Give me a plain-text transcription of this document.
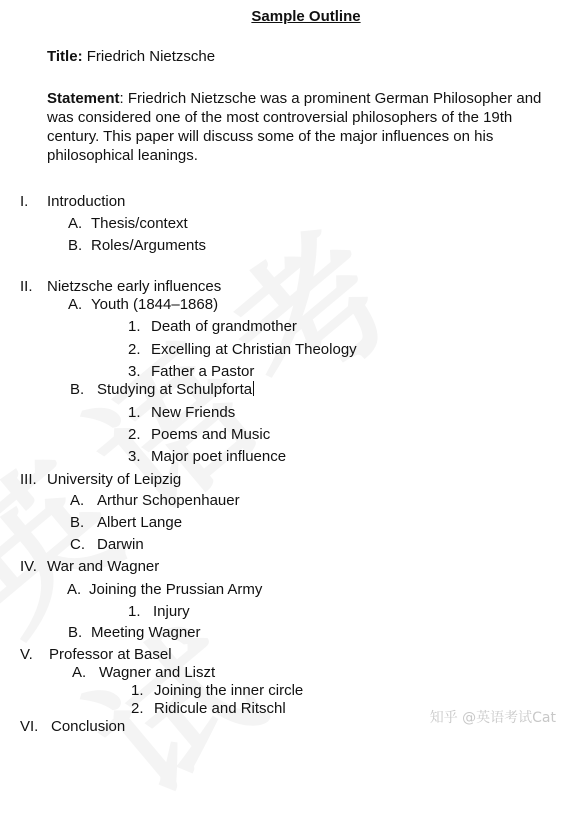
Sample Outline
Title: Friedrich Nietzsche
Statement: Friedrich Nietzsche was a prominent German Philosopher and was considered one of the most controversial philosophers of the 19th century. This paper will discuss some of the major influences on his philosophical leanings.
I. Introduction
A. Thesis/context
B. Roles/Arguments
II. Nietzsche early influences
A. Youth (1844–1868)
1. Death of grandmother
2. Excelling at Christian Theology
3. Father a Pastor
B. Studying at Schulpforta
1. New Friends
2. Poems and Music
3. Major poet influence
III. University of Leipzig
A. Arthur Schopenhauer
B. Albert Lange
C. Darwin
IV. War and Wagner
A. Joining the Prussian Army
1. Injury
B. Meeting Wagner
V. Professor at Basel
A. Wagner and Liszt
1. Joining the inner circle
2. Ridicule and Ritschl
VI. Conclusion	知乎 @英语考试Cat
